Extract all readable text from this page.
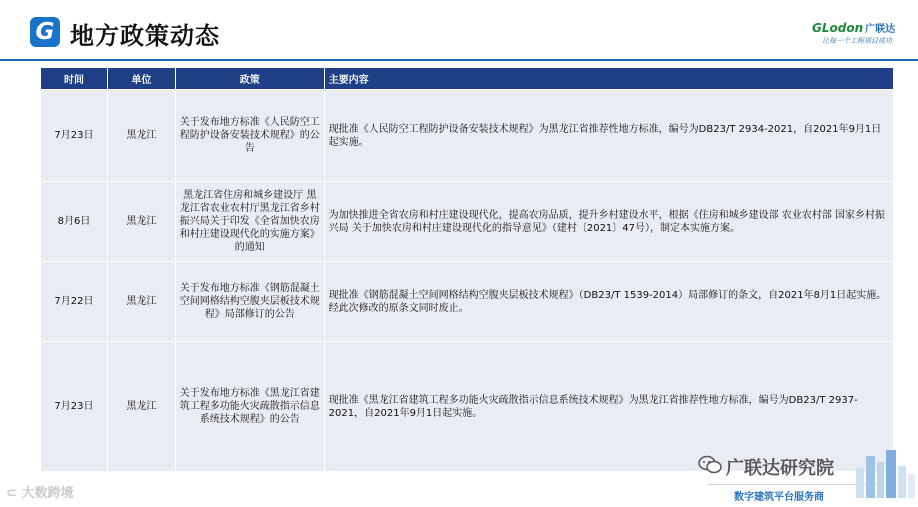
G 地方政策动态	GLodon 广联达
让每一个工程项目成功
时间	单位	政策	主要内容
7月23日	黑龙江	关于发布地方标准《人民防空工程防护设备安装技术规程》的公告	现批准《人民防空工程防护设备安装技术规程》为黑龙江省推荐性地方标准，编号为DB23/T 2934-2021，自2021年9月1日起实施。
8月6日	黑龙江	黑龙江省住房和城乡建设厅 黑龙江省农业农村厅黑龙江省乡村振兴局关于印发《全省加快农房和村庄建设现代化的实施方案》的通知	为加快推进全省农房和村庄建设现代化，提高农房品质，提升乡村建设水平，根据《住房和城乡建设部 农业农村部 国家乡村振兴局 关于加快农房和村庄建设现代化的指导意见》（建村〔2021〕47号），制定本实施方案。
7月22日	黑龙江	关于发布地方标准《钢筋混凝土空间网格结构空腹夹层板技术规程》局部修订的公告	现批准《钢筋混凝土空间网格结构空腹夹层板技术规程》（DB23/T 1539-2014）局部修订的条文，自2021年8月1日起实施。经此次修改的原条文同时废止。
7月23日	黑龙江	关于发布地方标准《黑龙江省建筑工程多功能火灾疏散指示信息系统技术规程》的公告	现批准《黑龙江省建筑工程多功能火灾疏散指示信息系统技术规程》为黑龙江省推荐性地方标准，编号为DB23/T 2937-2021，自2021年9月1日起实施。
⊂ 大数跨境
广联达研究院
数字建筑平台服务商
